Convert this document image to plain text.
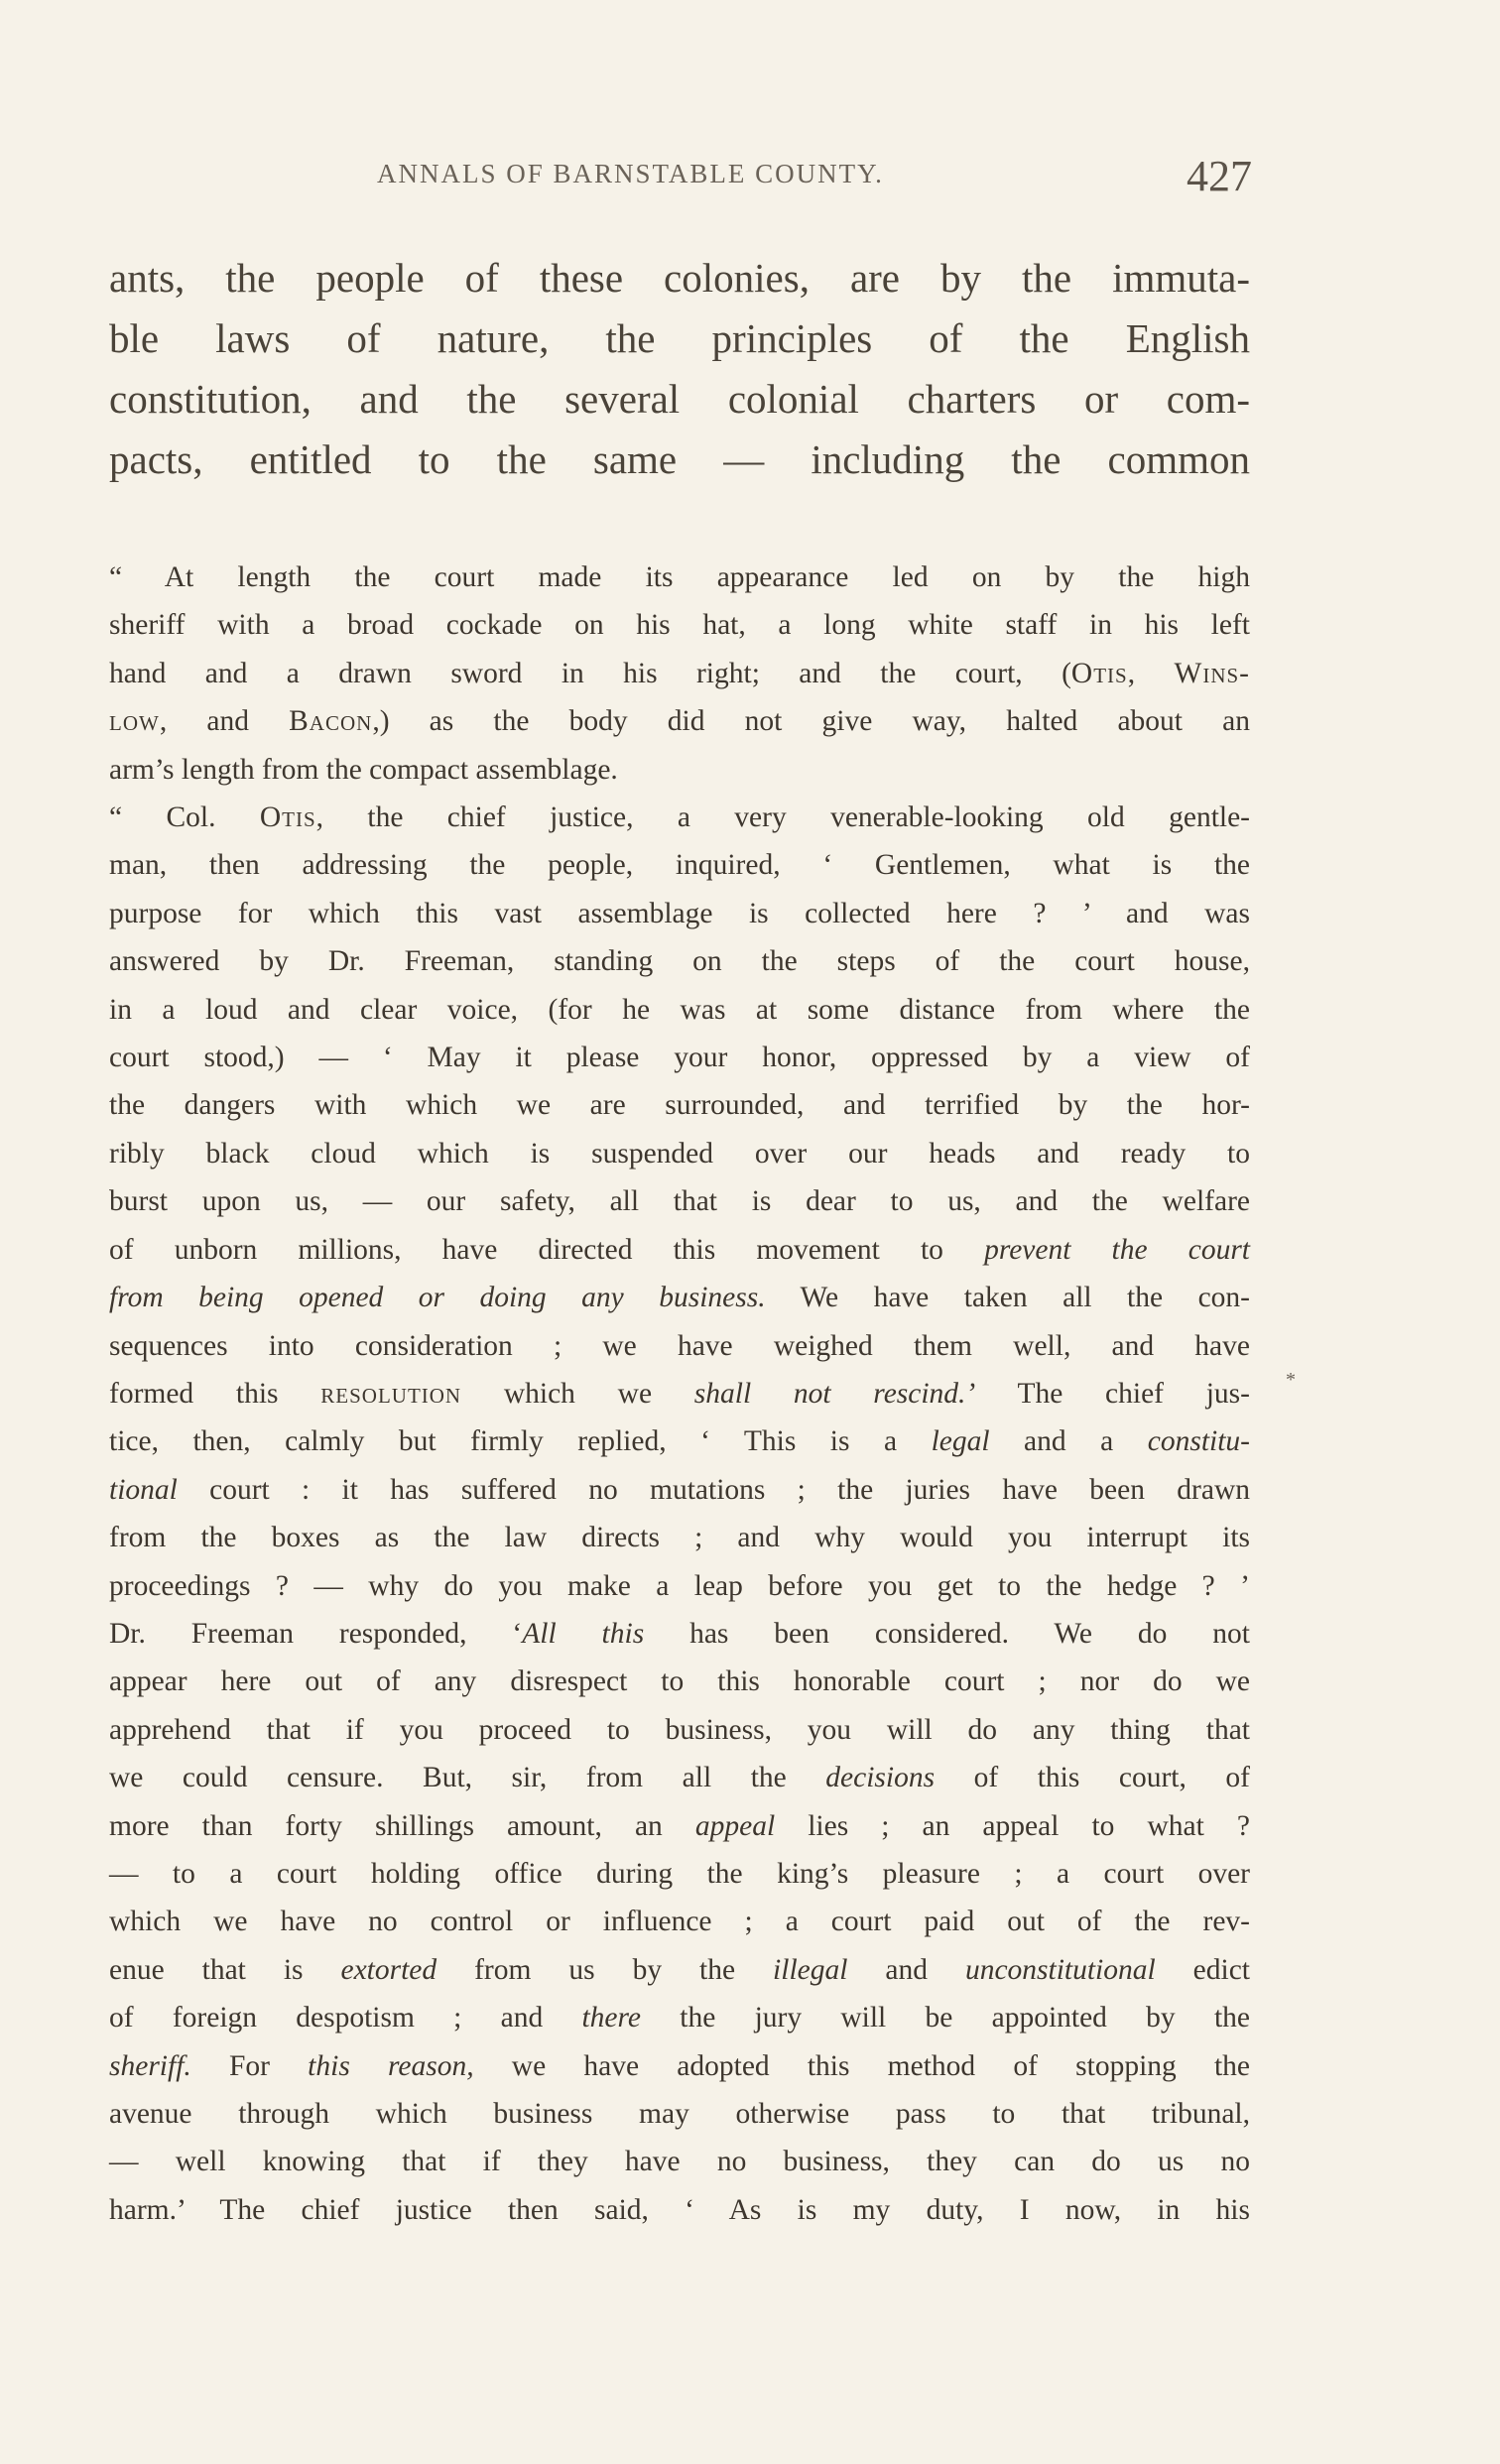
ANNALS OF BARNSTABLE COUNTY.	427
ants, the people of these colonies, are by the immuta-
ble laws of nature, the principles of the English
constitution, and the several colonial charters or com-
pacts, entitled to the same — including the common
“ At length the court made its appearance led on by the high
sheriff with a broad cockade on his hat, a long white staff in his left
hand and a drawn sword in his right; and the court, (Otis, Wins-
low, and Bacon,) as the body did not give way, halted about an
arm’s length from the compact assemblage.
“ Col. Otis, the chief justice, a very venerable-looking old gentle-
man, then addressing the people, inquired, ‘ Gentlemen, what is the
purpose for which this vast assemblage is collected here ? ’ and was
answered by Dr. Freeman, standing on the steps of the court house,
in a loud and clear voice, (for he was at some distance from where the
court stood,) — ‘ May it please your honor, oppressed by a view of
the dangers with which we are surrounded, and terrified by the hor-
ribly black cloud which is suspended over our heads and ready to
burst upon us, — our safety, all that is dear to us, and the welfare
of unborn millions, have directed this movement to prevent the court
from being opened or doing any business. We have taken all the con-
sequences into consideration ; we have weighed them well, and have
formed this resolution which we shall not rescind.’ The chief jus-
tice, then, calmly but firmly replied, ‘ This is a legal and a constitu-
tional court : it has suffered no mutations ; the juries have been drawn
from the boxes as the law directs ; and why would you interrupt its
proceedings ? — why do you make a leap before you get to the hedge ? ’
Dr. Freeman responded, ‘All this has been considered. We do not
appear here out of any disrespect to this honorable court ; nor do we
apprehend that if you proceed to business, you will do any thing that
we could censure. But, sir, from all the decisions of this court, of
more than forty shillings amount, an appeal lies ; an appeal to what ?
— to a court holding office during the king’s pleasure ; a court over
which we have no control or influence ; a court paid out of the rev-
enue that is extorted from us by the illegal and unconstitutional edict
of foreign despotism ; and there the jury will be appointed by the
sheriff. For this reason, we have adopted this method of stopping the
avenue through which business may otherwise pass to that tribunal,
— well knowing that if they have no business, they can do us no
harm.’ The chief justice then said, ‘ As is my duty, I now, in his
*
